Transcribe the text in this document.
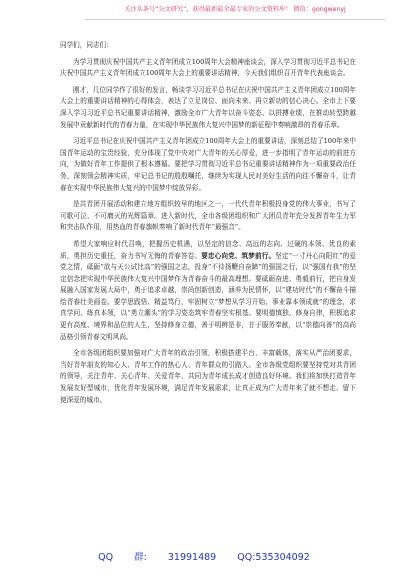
关注头条号“公文研究”，获得最新最全最专业的公文资料库！ 微信：gongwenyj

同学们，同志们：

为学习贯彻庆祝中国共产主义青年团成立100周年大会精神座谈会，深入学习贯彻习近平总书记在庆祝中国共产主义青年团成立100周年大会上的重要讲话精神，今天我们组织召开青年代表座谈会。

刚才，几位同学作了很好的发言，畅谈学习习近平总书记在庆祝中国共产主义青年团成立100周年大会上的重要讲话精神的心得体会，表达了立足岗位、面向未来、再立新功的信心决心。全市上下要深入学习习近平总书记重要讲话精神，激励全市广大青年以奋斗姿态、以拼搏业绩，在推动转型跨越发展中贡献新时代的青春力量，在实现中华民族伟大复兴中国梦的新征程中奏响激昂的青春乐章。

习近平总书记在庆祝中国共产主义青年团成立100周年大会上的重要讲话，深刻总结了100年来中国青年运动的宝贵经验，充分体现了党中央对广大青年的关心厚爱，进一步指明了青年运动的前进方向，为做好青年工作提供了根本遵循。要把学习贯彻习近平总书记重要讲话精神作为一项重要政治任务，深刻领会精神实质，牢记总书记的殷殷嘱托，继续为实现人民对美好生活的向往不懈奋斗，让青春在实现中华民族伟大复兴的中国梦中绽放异彩。

是共青团开展活动和建立地方组织较早的地区之一，一代代青年积极投身党的伟大事业，书写了可歌可泣、不可磨灭的光辉篇章。进入新时代，全市各级团组织和广大团员青年充分发挥青年生力军和突击队作用，用热血的青春旗帜奏响了新时代青年“最强音”。

希望大家响应时代召唤，把握历史机遇，以坚定的信念、高远的志向、过硬的本领、优良的素质，勇担历史重任，奋力书写无悔的青春答卷。要忠心向党、筑梦前行。坚定“一寸丹心向阳红”的爱党之情，砥砺“欲与天公试比高”的强国之志，投身“不待扬鞭自奋蹄”的强国之行，以“强国有我”的坚定信念把实现中华民族伟大复兴中国梦作为青春奋斗的最高理想。要砥砺奋进、勇毅前行，把自身发展融入国家发展大局中，勇于追求卓越，崇尚创新创造，涵养为民情怀，以“建功时代”的不懈奋斗描绘青春壮美画卷。要学思践悟、精益笃行，牢固树立“梦想从学习开始、事业靠本领成就”的理念，求真学问、练真本领，以“勇立潮头”的学习姿态筑牢青春坚实根基。要明德慎独、修身自律，积极追求更有高度、境界和品位的人生，坚持修身立德，善于明辨是非，甘于服务奉献，以“崇德向善”的高尚品格引领青春文明风尚。

全市各级团组织要加强对广大青年的政治引领，积极搭建平台、丰富载体，落实从严治团要求，当好青年朋友的知心人、青年工作的热心人、青年群众的引路人。全市各级党组织要坚持党对共青团的领导，关注青年、关心青年、关爱青年，共同为青年成长成才创造良好环境。我们将加快打造青年发展友好型城市，优化青年发展环境，满足青年发展需求，让真正成为广大青年来了就不想走、留下便深爱的城市。

QQ 群: 31991489 QQ:535304092
